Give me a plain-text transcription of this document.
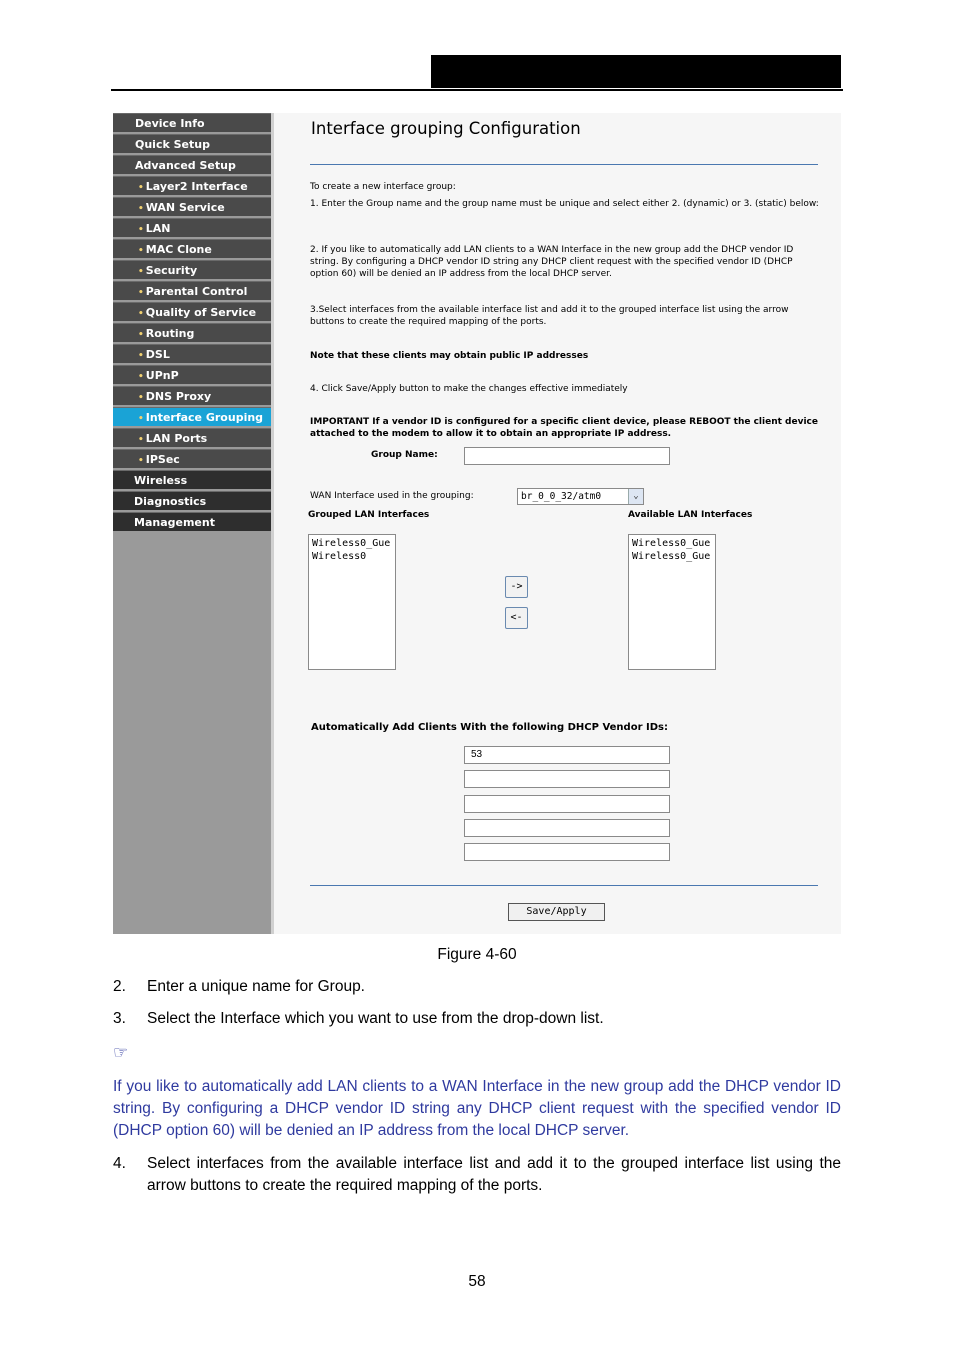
Device Info
Quick Setup
Advanced Setup
• Layer2 Interface
• WAN Service
• LAN
• MAC Clone
• Security
• Parental Control
• Quality of Service
• Routing
• DSL
• UPnP
• DNS Proxy
• Interface Grouping
• LAN Ports
• IPSec
Wireless
Diagnostics
Management
Interface grouping Configuration
To create a new interface group:
1. Enter the Group name and the group name must be unique and select either 2. (dynamic) or 3. (static) below:
2. If you like to automatically add LAN clients to a WAN Interface in the new group add the DHCP vendor ID string. By configuring a DHCP vendor ID string any DHCP client request with the specified vendor ID (DHCP option 60) will be denied an IP address from the local DHCP server.
3.Select interfaces from the available interface list and add it to the grouped interface list using the arrow buttons to create the required mapping of the ports.
Note that these clients may obtain public IP addresses
4. Click Save/Apply button to make the changes effective immediately
IMPORTANT If a vendor ID is configured for a specific client device, please REBOOT the client device attached to the modem to allow it to obtain an appropriate IP address.
Group Name:
WAN Interface used in the grouping:	br_0_0_32/atm0	⌄
Grouped LAN Interfaces	Available LAN Interfaces
Wireless0_Gue
Wireless0
Wireless0_Gue
Wireless0_Gue
->
<-
Automatically Add Clients With the following DHCP Vendor IDs:
53
Save/Apply
Figure 4-60
2. Enter a unique name for Group.
3. Select the Interface which you want to use from the drop-down list.
☞
If you like to automatically add LAN clients to a WAN Interface in the new group add the DHCP vendor ID string. By configuring a DHCP vendor ID string any DHCP client request with the specified vendor ID (DHCP option 60) will be denied an IP address from the local DHCP server.
4. Select interfaces from the available interface list and add it to the grouped interface list using the arrow buttons to create the required mapping of the ports.
58
